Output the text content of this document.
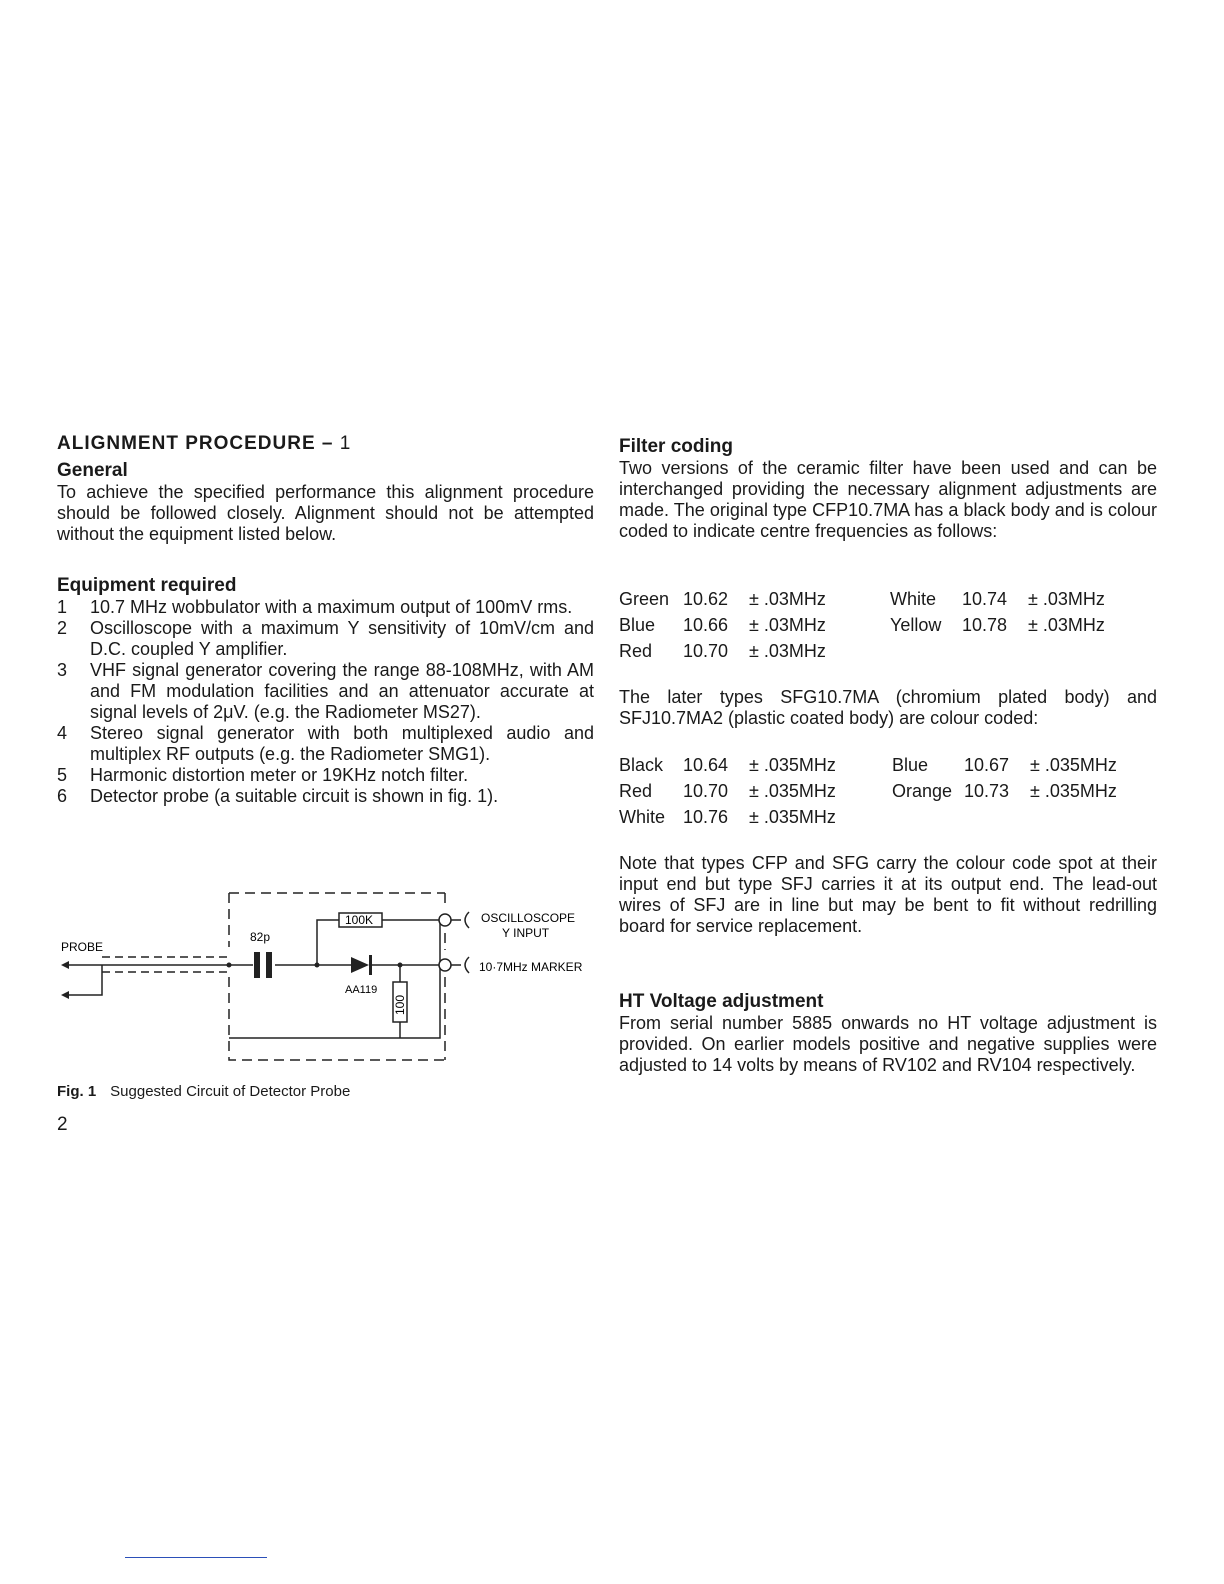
ALIGNMENT PROCEDURE – 1
General

To achieve the specified performance this alignment procedure should be followed closely. Alignment should not be attempted without the equipment listed below.

Equipment required
1 10.7 MHz wobbulator with a maximum output of 100mV rms.
2 Oscilloscope with a maximum Y sensitivity of 10mV/cm and D.C. coupled Y amplifier.
3 VHF signal generator covering the range 88-108MHz, with AM and FM modulation facilities and an attenuator accurate at signal levels of 2μV. (e.g. the Radiometer MS27).
4 Stereo signal generator with both multiplexed audio and multiplex RF outputs (e.g. the Radiometer SMG1).
5 Harmonic distortion meter or 19KHz notch filter.
6 Detector probe (a suitable circuit is shown in fig. 1).
PROBE
82p
100K
AA119
100
OSCILLOSCOPE
Y INPUT
10·7MHz MARKER

Fig. 1 Suggested Circuit of Detector Probe

2
Filter coding

Two versions of the ceramic filter have been used and can be interchanged providing the necessary alignment adjustments are made. The original type CFP10.7MA has a black body and is colour coded to indicate centre frequencies as follows:

Green	10.62	± .03MHz	White	10.74	± .03MHz
Blue	10.66	± .03MHz	Yellow	10.78	± .03MHz
Red	10.70	± .03MHz			

The later types SFG10.7MA (chromium plated body) and SFJ10.7MA2 (plastic coated body) are colour coded:

Black	10.64	± .035MHz	Blue	10.67	± .035MHz
Red	10.70	± .035MHz	Orange	10.73	± .035MHz
White	10.76	± .035MHz			

Note that types CFP and SFG carry the colour code spot at their input end but type SFJ carries it at its output end. The lead-out wires of SFJ are in line but may be bent to fit without redrilling board for service replacement.

HT Voltage adjustment

From serial number 5885 onwards no HT voltage adjustment is provided. On earlier models positive and negative supplies were adjusted to 14 volts by means of RV102 and RV104 respectively.
